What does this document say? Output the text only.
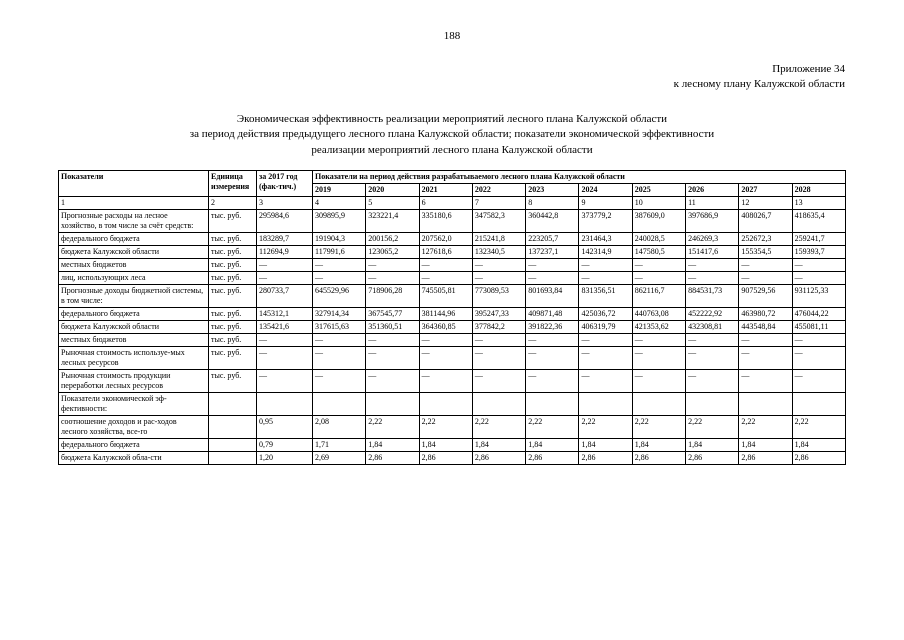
188
Приложение 34
к лесному плану Калужской области
Экономическая эффективность реализации мероприятий лесного плана Калужской области
за период действия предыдущего лесного плана Калужской области; показатели экономической эффективности
реализации мероприятий лесного плана Калужской области
Показатели	Единица измерения	за 2017 год (фак-тич.)	Показатели на период действия разрабатываемого лесного плана Калужской области									
			2019	2020	2021	2022	2023	2024	2025	2026	2027	2028
1	2	3	4	5	6	7	8	9	10	11	12	13
Прогнозные расходы на лесное хозяйство, в том числе за счёт средств:	тыс. руб.	295984,6	309895,9	323221,4	335180,6	347582,3	360442,8	373779,2	387609,0	397686,9	408026,7	418635,4
федерального бюджета	тыс. руб.	183289,7	191904,3	200156,2	207562,0	215241,8	223205,7	231464,3	240028,5	246269,3	252672,3	259241,7
бюджета Калужской области	тыс. руб.	112694,9	117991,6	123065,2	127618,6	132340,5	137237,1	142314,9	147580,5	151417,6	155354,5	159393,7
местных бюджетов	тыс. руб.	—	—	—	—	—	—	—	—	—	—	—
лиц, использующих леса	тыс. руб.	—	—	—	—	—	—	—	—	—	—	—
Прогнозные доходы бюджетной системы, в том числе:	тыс. руб.	280733,7	645529,96	718906,28	745505,81	773089,53	801693,84	831356,51	862116,7	884531,73	907529,56	931125,33
федерального бюджета	тыс. руб.	145312,1	327914,34	367545,77	381144,96	395247,33	409871,48	425036,72	440763,08	452222,92	463980,72	476044,22
бюджета Калужской области	тыс. руб.	135421,6	317615,63	351360,51	364360,85	377842,2	391822,36	406319,79	421353,62	432308,81	443548,84	455081,11
местных бюджетов	тыс. руб.	—	—	—	—	—	—	—	—	—	—	—
Рыночная стоимость используе-мых лесных ресурсов	тыс. руб.	—	—	—	—	—	—	—	—	—	—	—
Рыночная стоимость продукции переработки лесных ресурсов	тыс. руб.	—	—	—	—	—	—	—	—	—	—	—
Показатели экономической эф-фективности:												
соотношение доходов и рас-ходов лесного хозяйства, все-го		0,95	2,08	2,22	2,22	2,22	2,22	2,22	2,22	2,22	2,22	2,22
федерального бюджета		0,79	1,71	1,84	1,84	1,84	1,84	1,84	1,84	1,84	1,84	1,84
бюджета Калужской обла-сти		1,20	2,69	2,86	2,86	2,86	2,86	2,86	2,86	2,86	2,86	2,86
